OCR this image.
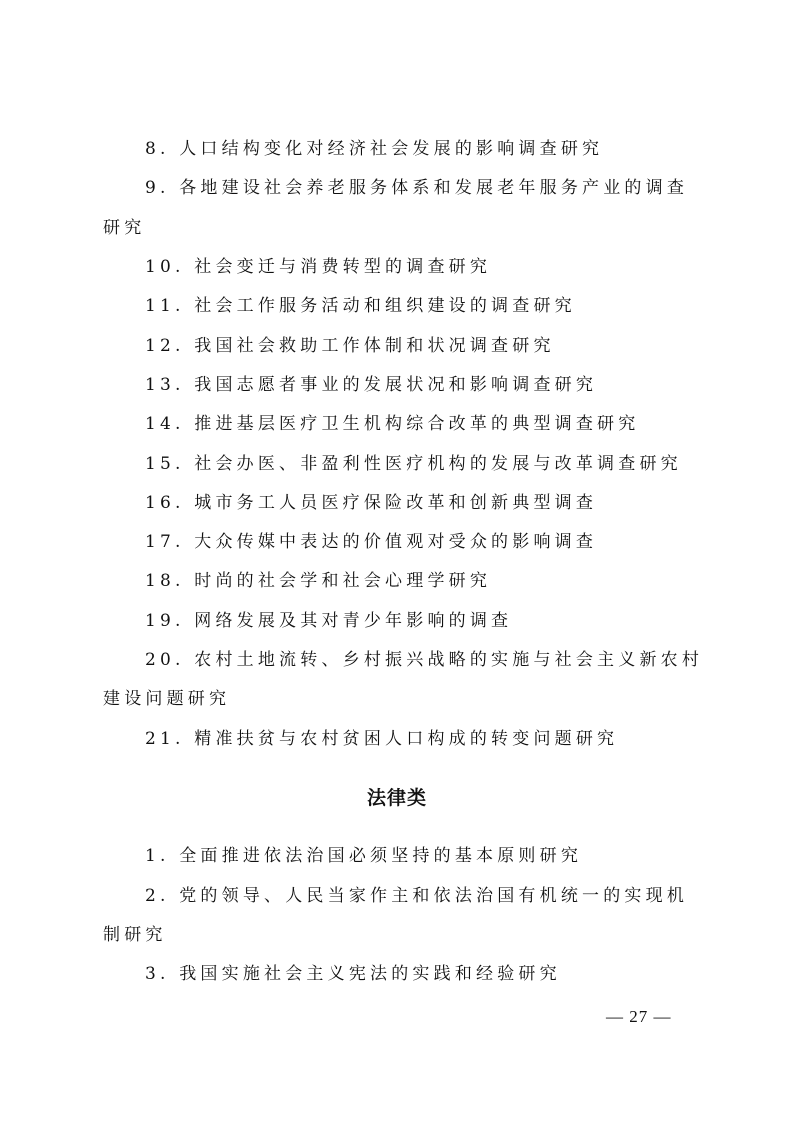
8. 人口结构变化对经济社会发展的影响调查研究
9. 各地建设社会养老服务体系和发展老年服务产业的调查
研究
10. 社会变迁与消费转型的调查研究
11. 社会工作服务活动和组织建设的调查研究
12. 我国社会救助工作体制和状况调查研究
13. 我国志愿者事业的发展状况和影响调查研究
14. 推进基层医疗卫生机构综合改革的典型调查研究
15. 社会办医、非盈利性医疗机构的发展与改革调查研究
16. 城市务工人员医疗保险改革和创新典型调查
17. 大众传媒中表达的价值观对受众的影响调查
18. 时尚的社会学和社会心理学研究
19. 网络发展及其对青少年影响的调查
20. 农村土地流转、乡村振兴战略的实施与社会主义新农村
建设问题研究
21. 精准扶贫与农村贫困人口构成的转变问题研究
法律类
1. 全面推进依法治国必须坚持的基本原则研究
2. 党的领导、人民当家作主和依法治国有机统一的实现机
制研究
3. 我国实施社会主义宪法的实践和经验研究
— 27 —
